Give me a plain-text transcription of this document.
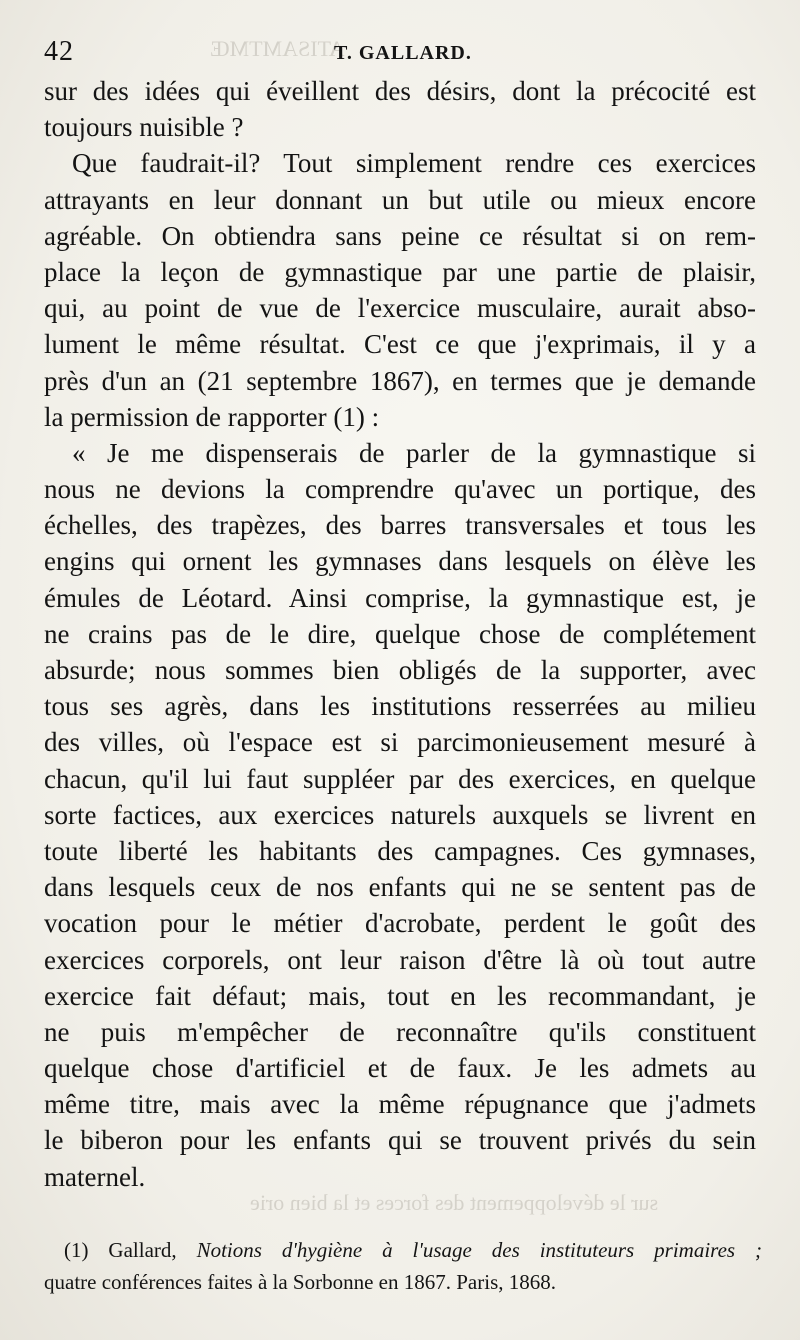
ATISAMTMŒ
42	T. GALLARD.
sur des idées qui éveillent des désirs, dont la précocité est
toujours nuisible ?
Que faudrait-il? Tout simplement rendre ces exercices
attrayants en leur donnant un but utile ou mieux encore
agréable. On obtiendra sans peine ce résultat si on rem-
place la leçon de gymnastique par une partie de plaisir,
qui, au point de vue de l'exercice musculaire, aurait abso-
lument le même résultat. C'est ce que j'exprimais, il y a
près d'un an (21 septembre 1867), en termes que je demande
la permission de rapporter (1) :
« Je me dispenserais de parler de la gymnastique si
nous ne devions la comprendre qu'avec un portique, des
échelles, des trapèzes, des barres transversales et tous les
engins qui ornent les gymnases dans lesquels on élève les
émules de Léotard. Ainsi comprise, la gymnastique est, je
ne crains pas de le dire, quelque chose de complétement
absurde; nous sommes bien obligés de la supporter, avec
tous ses agrès, dans les institutions resserrées au milieu
des villes, où l'espace est si parcimonieusement mesuré à
chacun, qu'il lui faut suppléer par des exercices, en quelque
sorte factices, aux exercices naturels auxquels se livrent en
toute liberté les habitants des campagnes. Ces gymnases,
dans lesquels ceux de nos enfants qui ne se sentent pas de
vocation pour le métier d'acrobate, perdent le goût des
exercices corporels, ont leur raison d'être là où tout autre
exercice fait défaut; mais, tout en les recommandant, je
ne puis m'empêcher de reconnaître qu'ils constituent
quelque chose d'artificiel et de faux. Je les admets au
même titre, mais avec la même répugnance que j'admets
le biberon pour les enfants qui se trouvent privés du sein
maternel.
sur le développement des forces et la bien orie
(1) Gallard, Notions d'hygiène à l'usage des instituteurs primaires ;
quatre conférences faites à la Sorbonne en 1867. Paris, 1868.
